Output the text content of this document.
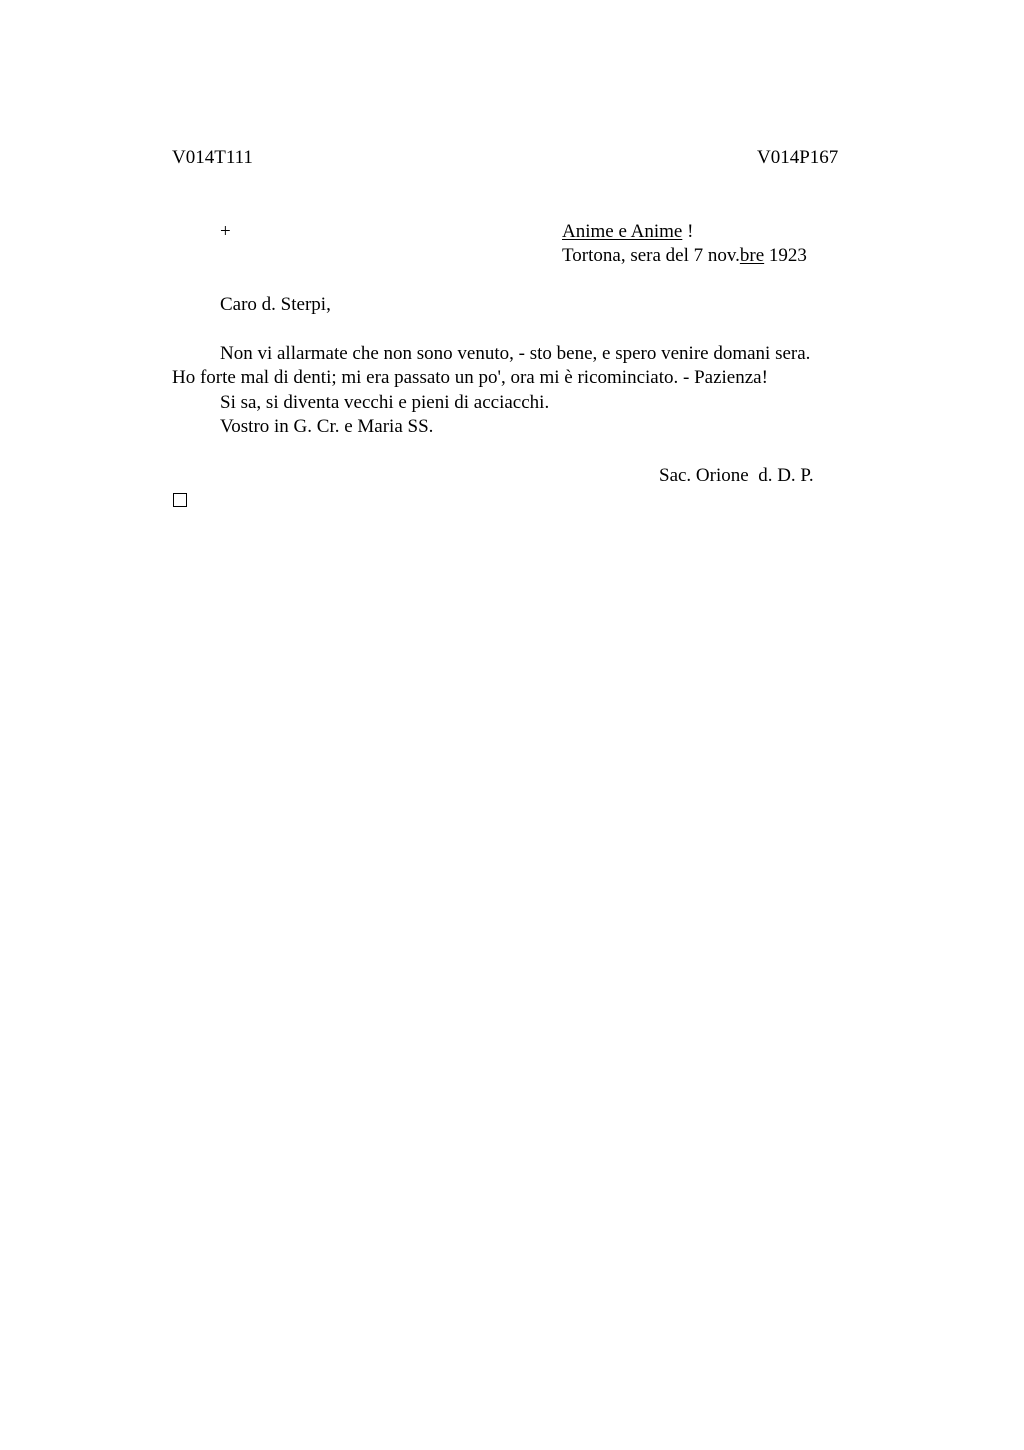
V014T111	V014P167
+	Anime e Anime !
Tortona, sera del 7 nov.bre 1923
Caro d. Sterpi,
Non vi allarmate che non sono venuto, - sto bene, e spero venire domani sera.
Ho forte mal di denti; mi era passato un po', ora mi è ricominciato. - Pazienza!
Si sa, si diventa vecchi e pieni di acciacchi.
Vostro in G. Cr. e Maria SS.
Sac. Orione  d. D. P.
